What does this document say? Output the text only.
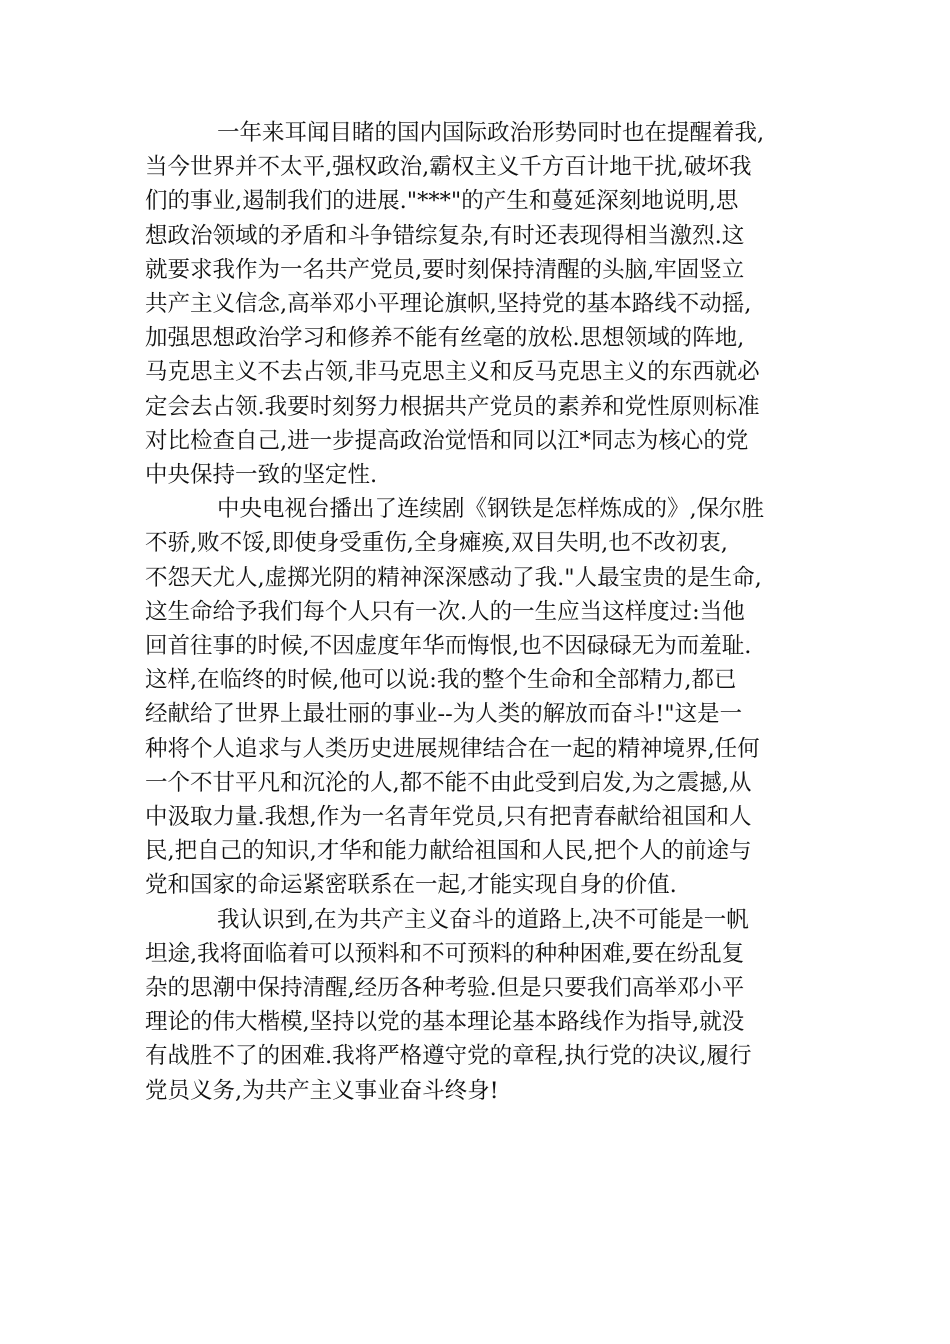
一年来耳闻目睹的国内国际政治形势同时也在提醒着我,
当今世界并不太平,强权政治,霸权主义千方百计地干扰,破坏我
们的事业,遏制我们的进展."***"的产生和蔓延深刻地说明,思
想政治领域的矛盾和斗争错综复杂,有时还表现得相当激烈.这
就要求我作为一名共产党员,要时刻保持清醒的头脑,牢固竖立
共产主义信念,高举邓小平理论旗帜,坚持党的基本路线不动摇,
加强思想政治学习和修养不能有丝毫的放松.思想领域的阵地,
马克思主义不去占领,非马克思主义和反马克思主义的东西就必
定会去占领.我要时刻努力根据共产党员的素养和党性原则标准
对比检查自己,进一步提高政治觉悟和同以江*同志为核心的党
中央保持一致的坚定性.
中央电视台播出了连续剧《钢铁是怎样炼成的》,保尔胜
不骄,败不馁,即使身受重伤,全身瘫痪,双目失明,也不改初衷,
不怨天尤人,虚掷光阴的精神深深感动了我."人最宝贵的是生命,
这生命给予我们每个人只有一次.人的一生应当这样度过:当他
回首往事的时候,不因虚度年华而悔恨,也不因碌碌无为而羞耻.
这样,在临终的时候,他可以说:我的整个生命和全部精力,都已
经献给了世界上最壮丽的事业--为人类的解放而奋斗!"这是一
种将个人追求与人类历史进展规律结合在一起的精神境界,任何
一个不甘平凡和沉沦的人,都不能不由此受到启发,为之震撼,从
中汲取力量.我想,作为一名青年党员,只有把青春献给祖国和人
民,把自己的知识,才华和能力献给祖国和人民,把个人的前途与
党和国家的命运紧密联系在一起,才能实现自身的价值.
我认识到,在为共产主义奋斗的道路上,决不可能是一帆
坦途,我将面临着可以预料和不可预料的种种困难,要在纷乱复
杂的思潮中保持清醒,经历各种考验.但是只要我们高举邓小平
理论的伟大楷模,坚持以党的基本理论基本路线作为指导,就没
有战胜不了的困难.我将严格遵守党的章程,执行党的决议,履行
党员义务,为共产主义事业奋斗终身!
